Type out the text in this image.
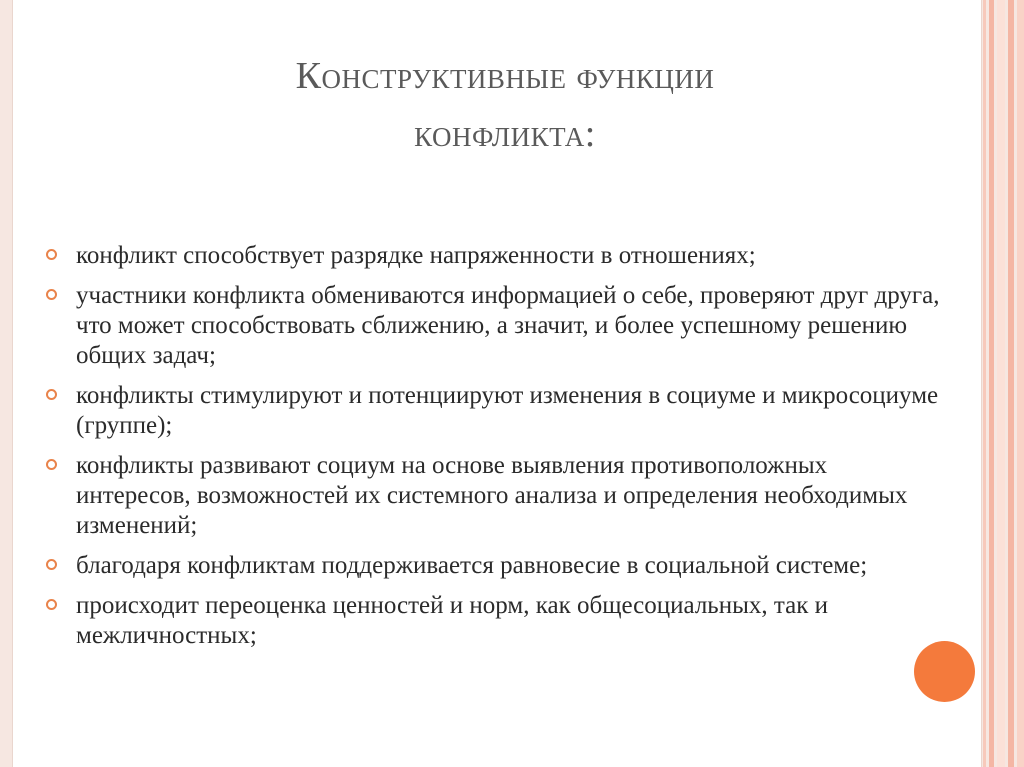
Конструктивные функции
конфликта:
конфликт способствует разрядке напряженности в отношениях;
участники конфликта обмениваются информацией о себе, проверяют друг друга, что может способствовать сближению, а значит, и более успешному решению общих задач;
конфликты стимулируют и потенциируют изменения в социуме и микросоциуме (группе);
конфликты развивают социум на основе выявления противоположных интересов, возможностей их системного анализа и определения необходимых изменений;
благодаря конфликтам поддерживается равновесие в социальной системе;
происходит переоценка ценностей и норм, как общесоциальных, так и межличностных;
